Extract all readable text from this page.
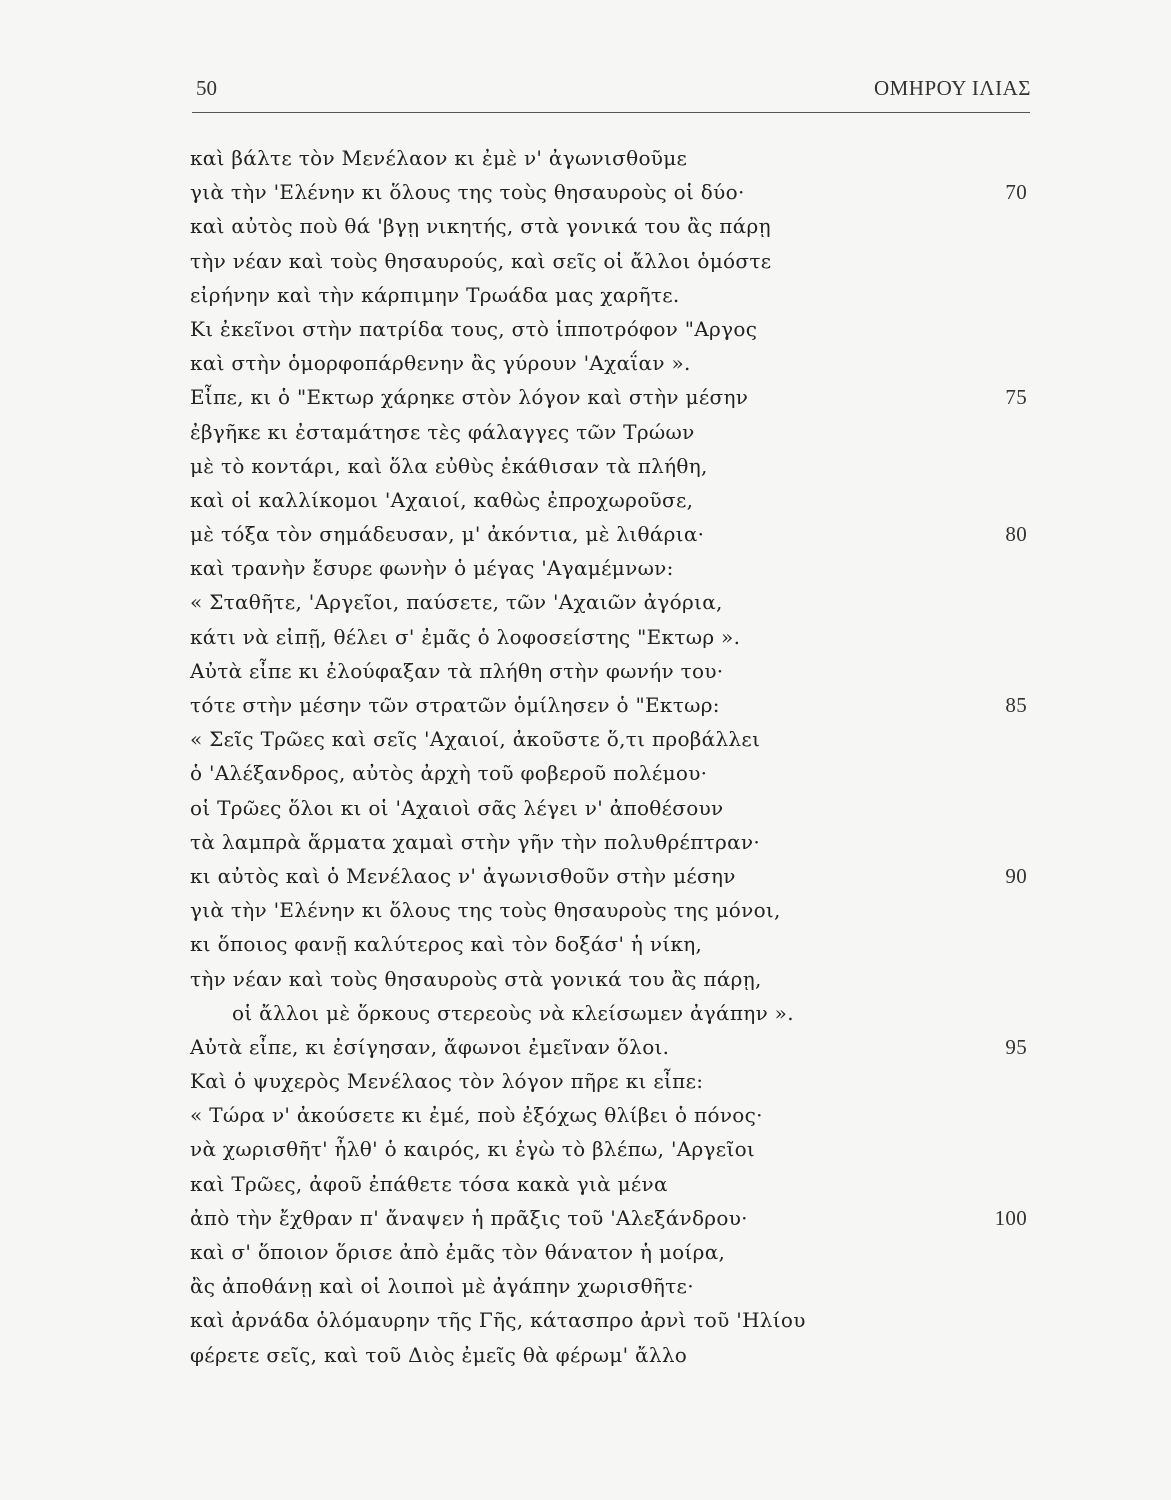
50	ΟΜΗΡΟΥ ΙΛΙΑΣ
καὶ βάλτε τὸν Μενέλαον κι ἐμὲ ν' ἀγωνισθοῦμε
γιὰ τὴν 'Ελένην κι ὅλους της τοὺς θησαυροὺς οἱ δύο·	70
καὶ αὐτὸς ποὺ θά 'βγῃ νικητής, στὰ γονικά του ἂς πάρῃ
τὴν νέαν καὶ τοὺς θησαυρούς, καὶ σεῖς οἱ ἄλλοι ὁμόστε
εἰρήνην καὶ τὴν κάρπιμην Τρωάδα μας χαρῆτε.
Κι ἐκεῖνοι στὴν πατρίδα τους, στὸ ἱπποτρόφον "Αργος
καὶ στὴν ὁμορφοπάρθενην ἂς γύρουν 'Αχαΐαν ».
Εἶπε, κι ὁ "Εκτωρ χάρηκε στὸν λόγον καὶ στὴν μέσην	75
ἐβγῆκε κι ἐσταμάτησε τὲς φάλαγγες τῶν Τρώων
μὲ τὸ κοντάρι, καὶ ὅλα εὐθὺς ἐκάθισαν τὰ πλήθη,
καὶ οἱ καλλίκομοι 'Αχαιοί, καθὼς ἐπροχωροῦσε,
μὲ τόξα τὸν σημάδευσαν, μ' ἀκόντια, μὲ λιθάρια·	80
καὶ τρανὴν ἔσυρε φωνὴν ὁ μέγας 'Αγαμέμνων:
« Σταθῆτε, 'Αργεῖοι, παύσετε, τῶν 'Αχαιῶν ἀγόρια,
κάτι νὰ εἰπῇ, θέλει σ' ἐμᾶς ὁ λοφοσείστης "Εκτωρ ».
Αὐτὰ εἶπε κι ἐλούφαξαν τὰ πλήθη στὴν φωνήν του·
τότε στὴν μέσην τῶν στρατῶν ὁμίλησεν ὁ "Εκτωρ:	85
« Σεῖς Τρῶες καὶ σεῖς 'Αχαιοί, ἀκοῦστε ὅ,τι προβάλλει
ὁ 'Αλέξανδρος, αὐτὸς ἀρχὴ τοῦ φοβεροῦ πολέμου·
οἱ Τρῶες ὅλοι κι οἱ 'Αχαιοὶ σᾶς λέγει ν' ἀποθέσουν
τὰ λαμπρὰ ἅρματα χαμαὶ στὴν γῆν τὴν πολυθρέπτραν·
κι αὐτὸς καὶ ὁ Μενέλαος ν' ἀγωνισθοῦν στὴν μέσην	90
γιὰ τὴν 'Ελένην κι ὅλους της τοὺς θησαυροὺς της μόνοι,
κι ὅποιος φανῇ καλύτερος καὶ τὸν δοξάσ' ἡ νίκη,
τὴν νέαν καὶ τοὺς θησαυροὺς στὰ γονικά του ἂς πάρῃ,
οἱ ἄλλοι μὲ ὅρκους στερεοὺς νὰ κλείσωμεν ἀγάπην ».
Αὐτὰ εἶπε, κι ἐσίγησαν, ἄφωνοι ἐμεῖναν ὅλοι.	95
Καὶ ὁ ψυχερὸς Μενέλαος τὸν λόγον πῆρε κι εἶπε:
« Τώρα ν' ἀκούσετε κι ἐμέ, ποὺ ἐξόχως θλίβει ὁ πόνος·
νὰ χωρισθῆτ' ἦλθ' ὁ καιρός, κι ἐγὼ τὸ βλέπω, 'Αργεῖοι
καὶ Τρῶες, ἀφοῦ ἐπάθετε τόσα κακὰ γιὰ μένα
ἀπὸ τὴν ἔχθραν π' ἄναψεν ἡ πρᾶξις τοῦ 'Αλεξάνδρου·	100
καὶ σ' ὅποιον ὅρισε ἀπὸ ἐμᾶς τὸν θάνατον ἡ μοίρα,
ἂς ἀποθάνῃ καὶ οἱ λοιποὶ μὲ ἀγάπην χωρισθῆτε·
καὶ ἀρνάδα ὁλόμαυρην τῆς Γῆς, κάτασπρο ἀρνὶ τοῦ 'Ηλίου
φέρετε σεῖς, καὶ τοῦ Διὸς ἐμεῖς θὰ φέρωμ' ἄλλο
